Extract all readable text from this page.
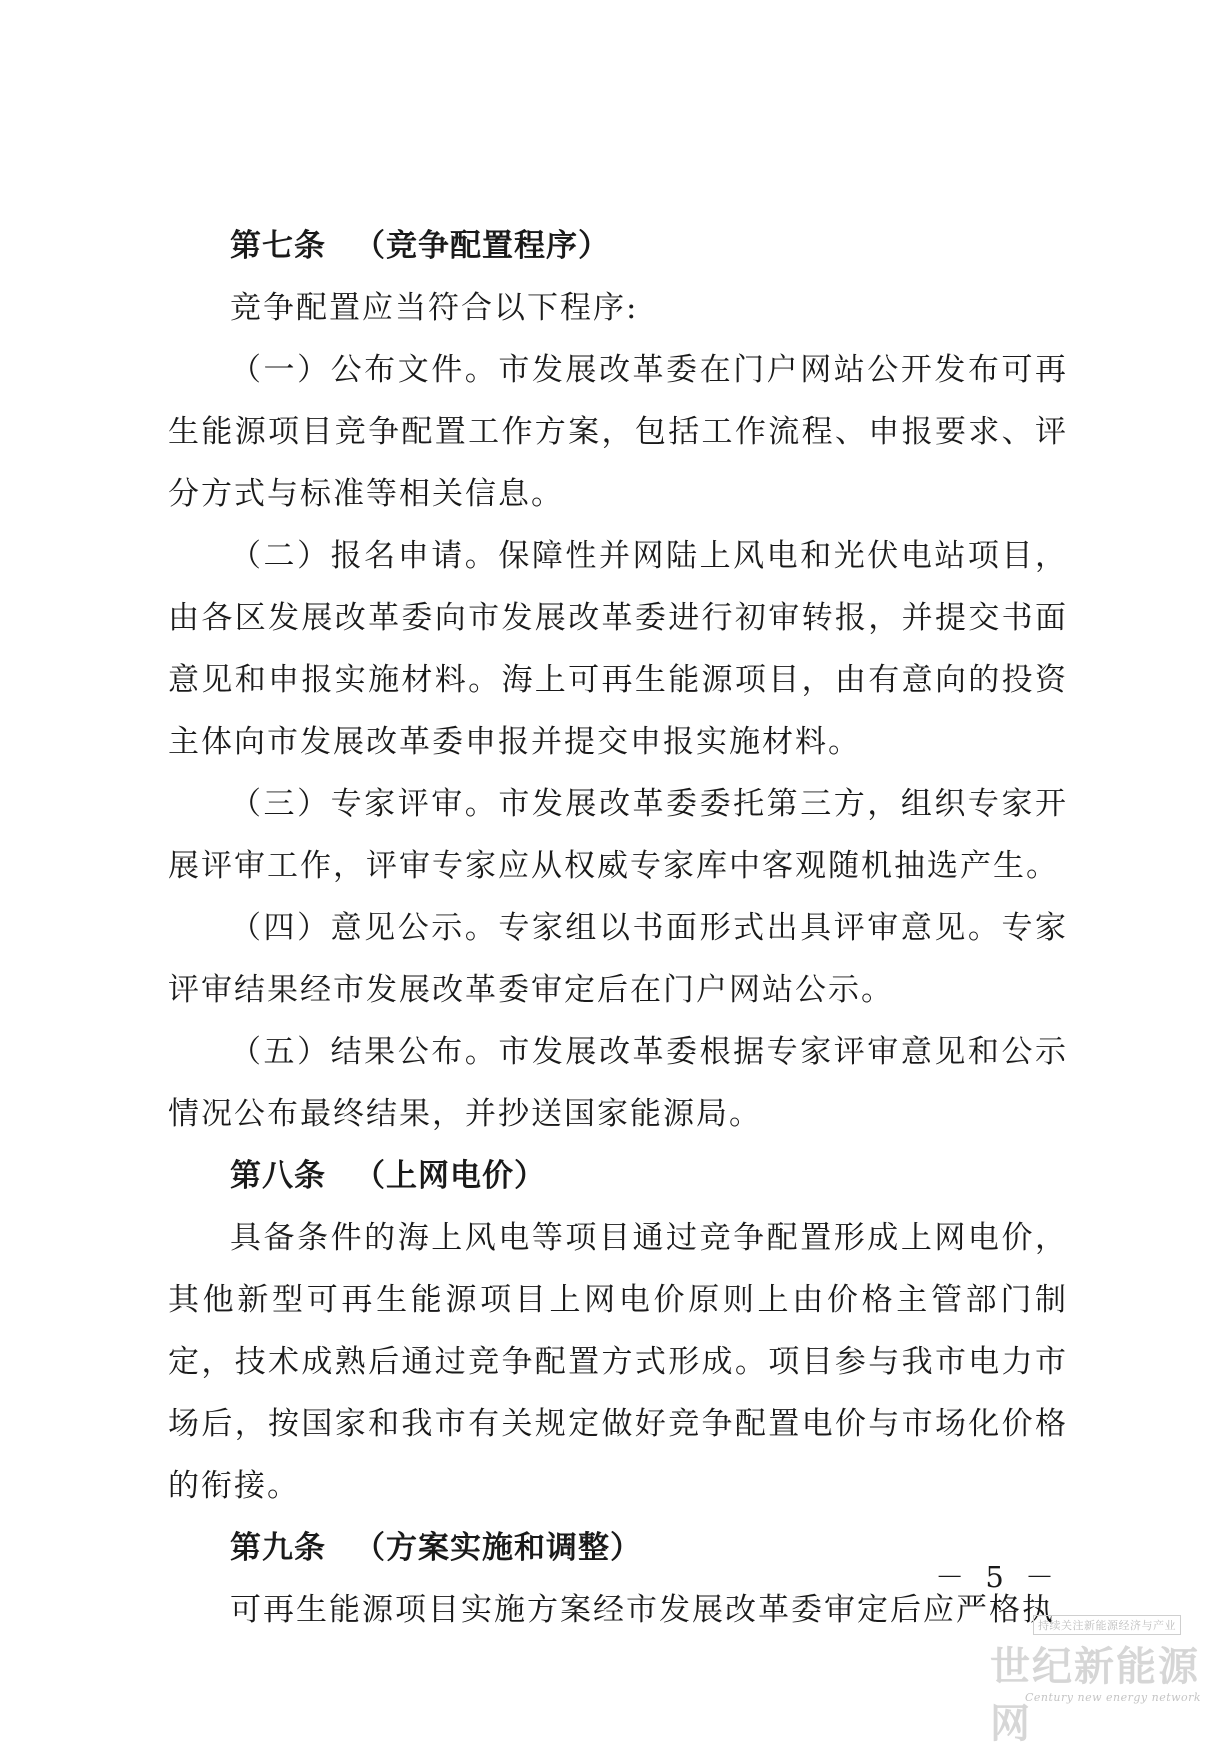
第七条 （竞争配置程序）

竞争配置应当符合以下程序:

（一）公布文件。市发展改革委在门户网站公开发布可再生能源项目竞争配置工作方案，包括工作流程、申报要求、评分方式与标准等相关信息。

（二）报名申请。保障性并网陆上风电和光伏电站项目，由各区发展改革委向市发展改革委进行初审转报，并提交书面意见和申报实施材料。海上可再生能源项目，由有意向的投资主体向市发展改革委申报并提交申报实施材料。

（三）专家评审。市发展改革委委托第三方，组织专家开展评审工作，评审专家应从权威专家库中客观随机抽选产生。

（四）意见公示。专家组以书面形式出具评审意见。专家评审结果经市发展改革委审定后在门户网站公示。

（五）结果公布。市发展改革委根据专家评审意见和公示情况公布最终结果，并抄送国家能源局。

第八条 （上网电价）

具备条件的海上风电等项目通过竞争配置形成上网电价，其他新型可再生能源项目上网电价原则上由价格主管部门制定，技术成熟后通过竞争配置方式形成。项目参与我市电力市场后，按国家和我市有关规定做好竞争配置电价与市场化价格的衔接。

第九条 （方案实施和调整）

可再生能源项目实施方案经市发展改革委审定后应严格执

－ 5 －
持续关注新能源经济与产业
世纪新能源网
Century new energy network
